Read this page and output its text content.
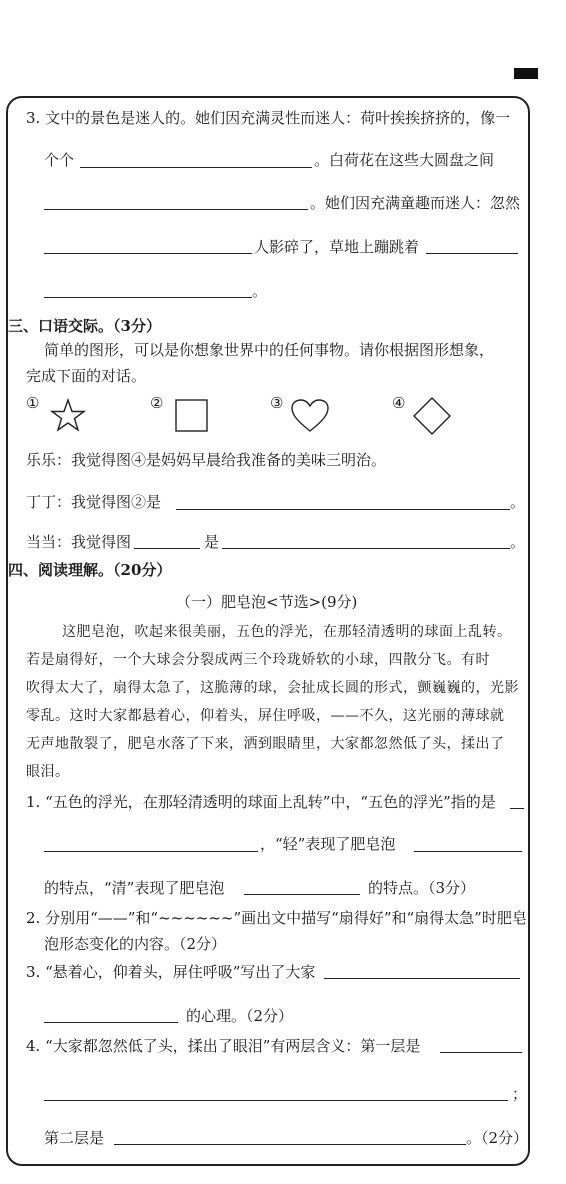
3. 文中的景色是迷人的。她们因充满灵性而迷人：荷叶挨挨挤挤的，像一
个个	。白荷花在这些大圆盘之间
。她们因充满童趣而迷人：忽然
人影碎了，草地上蹦跳着
。
三、口语交际。（3分）
简单的图形，可以是你想象世界中的任何事物。请你根据图形想象，
完成下面的对话。
①	②	③	④
乐乐：我觉得图④是妈妈早晨给我准备的美味三明治。
丁丁：我觉得图②是	。
当当：我觉得图	是	。
四、阅读理解。（20分）
（一）肥皂泡<节选>(9分)
这肥皂泡，吹起来很美丽，五色的浮光，在那轻清透明的球面上乱转。
若是扇得好，一个大球会分裂成两三个玲珑娇软的小球，四散分飞。有时
吹得太大了，扇得太急了，这脆薄的球，会扯成长圆的形式，颤巍巍的，光影
零乱。这时大家都悬着心，仰着头，屏住呼吸，——不久，这光丽的薄球就
无声地散裂了，肥皂水落了下来，洒到眼睛里，大家都忽然低了头，揉出了
眼泪。
1. “五色的浮光，在那轻清透明的球面上乱转”中，“五色的浮光”指的是
，“轻”表现了肥皂泡
的特点，“清”表现了肥皂泡	的特点。（3分）
2. 分别用“——”和“~~~~~~”画出文中描写“扇得好”和“扇得太急”时肥皂
泡形态变化的内容。（2分）
3. “悬着心，仰着头，屏住呼吸”写出了大家
的心理。（2分）
4. “大家都忽然低了头，揉出了眼泪”有两层含义：第一层是
；
第二层是	。（2分）
